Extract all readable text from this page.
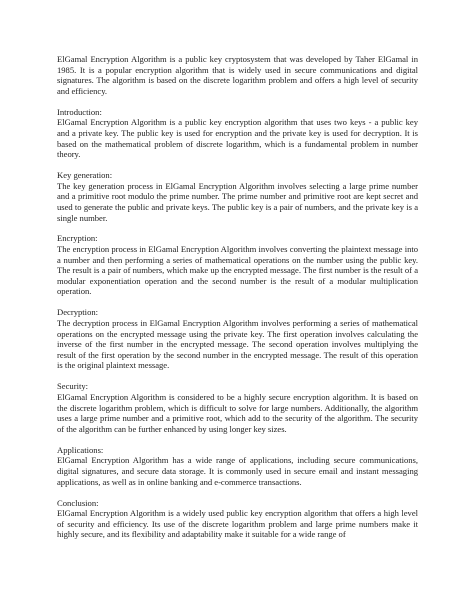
ElGamal Encryption Algorithm is a public key cryptosystem that was developed by Taher ElGamal in 1985. It is a popular encryption algorithm that is widely used in secure communications and digital signatures. The algorithm is based on the discrete logarithm problem and offers a high level of security and efficiency.

Introduction:

ElGamal Encryption Algorithm is a public key encryption algorithm that uses two keys - a public key and a private key. The public key is used for encryption and the private key is used for decryption. It is based on the mathematical problem of discrete logarithm, which is a fundamental problem in number theory.

Key generation:

The key generation process in ElGamal Encryption Algorithm involves selecting a large prime number and a primitive root modulo the prime number. The prime number and primitive root are kept secret and used to generate the public and private keys. The public key is a pair of numbers, and the private key is a single number.

Encryption:

The encryption process in ElGamal Encryption Algorithm involves converting the plaintext message into a number and then performing a series of mathematical operations on the number using the public key. The result is a pair of numbers, which make up the encrypted message. The first number is the result of a modular exponentiation operation and the second number is the result of a modular multiplication operation.

Decryption:

The decryption process in ElGamal Encryption Algorithm involves performing a series of mathematical operations on the encrypted message using the private key. The first operation involves calculating the inverse of the first number in the encrypted message. The second operation involves multiplying the result of the first operation by the second number in the encrypted message. The result of this operation is the original plaintext message.

Security:

ElGamal Encryption Algorithm is considered to be a highly secure encryption algorithm. It is based on the discrete logarithm problem, which is difficult to solve for large numbers. Additionally, the algorithm uses a large prime number and a primitive root, which add to the security of the algorithm. The security of the algorithm can be further enhanced by using longer key sizes.

Applications:

ElGamal Encryption Algorithm has a wide range of applications, including secure communications, digital signatures, and secure data storage. It is commonly used in secure email and instant messaging applications, as well as in online banking and e-commerce transactions.

Conclusion:

ElGamal Encryption Algorithm is a widely used public key encryption algorithm that offers a high level of security and efficiency. Its use of the discrete logarithm problem and large prime numbers make it highly secure, and its flexibility and adaptability make it suitable for a wide range of
